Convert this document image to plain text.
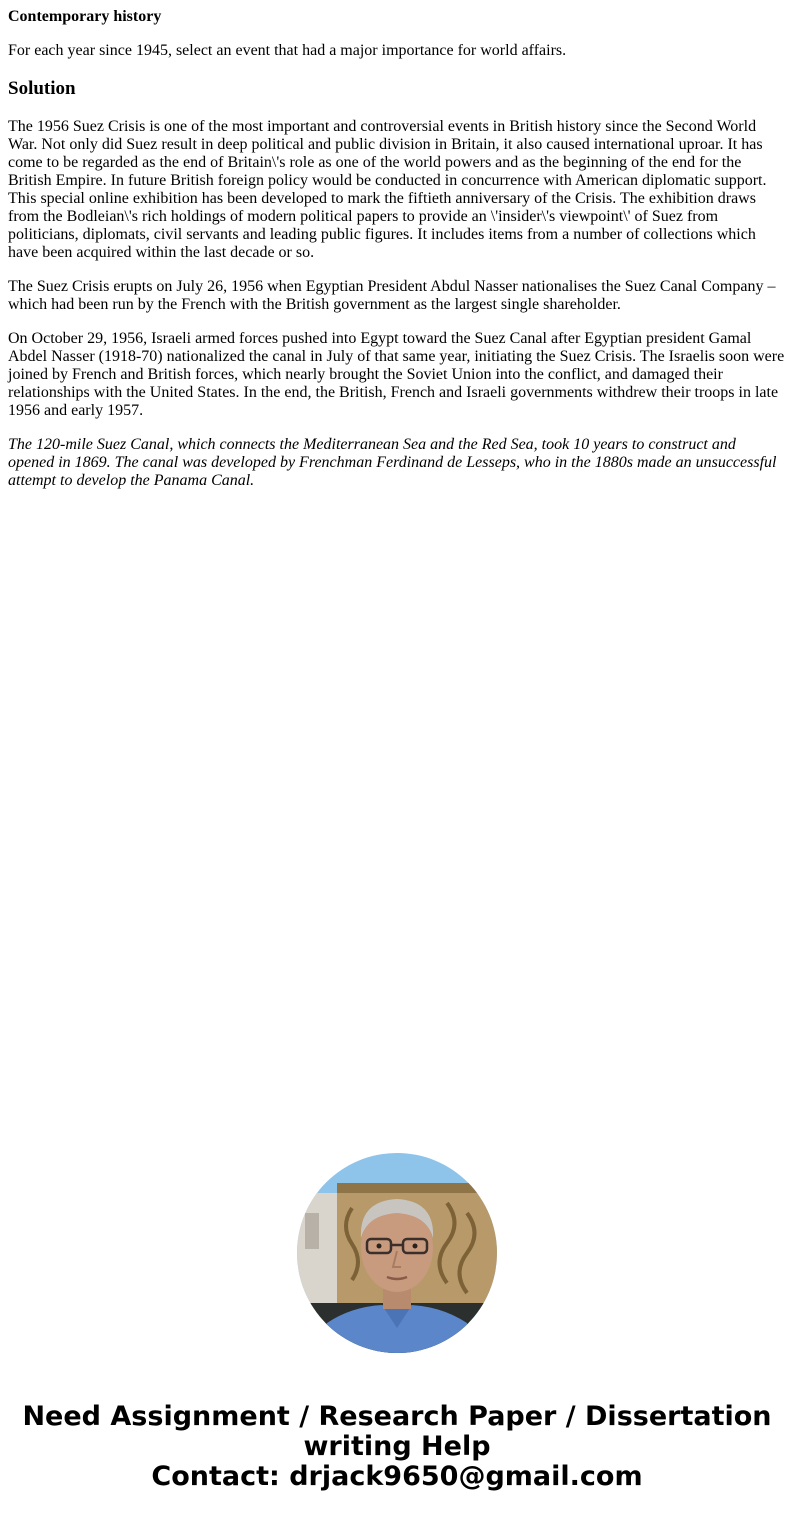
Contemporary history

For each year since 1945, select an event that had a major importance for world affairs.

Solution

The 1956 Suez Crisis is one of the most important and controversial events in British history since the Second World War. Not only did Suez result in deep political and public division in Britain, it also caused international uproar. It has come to be regarded as the end of Britain\'s role as one of the world powers and as the beginning of the end for the British Empire. In future British foreign policy would be conducted in concurrence with American diplomatic support. This special online exhibition has been developed to mark the fiftieth anniversary of the Crisis. The exhibition draws from the Bodleian\'s rich holdings of modern political papers to provide an \'insider\'s viewpoint\' of Suez from politicians, diplomats, civil servants and leading public figures. It includes items from a number of collections which have been acquired within the last decade or so.

The Suez Crisis erupts on July 26, 1956 when Egyptian President Abdul Nasser nationalises the Suez Canal Company – which had been run by the French with the British government as the largest single shareholder.

On October 29, 1956, Israeli armed forces pushed into Egypt toward the Suez Canal after Egyptian president Gamal Abdel Nasser (1918-70) nationalized the canal in July of that same year, initiating the Suez Crisis. The Israelis soon were joined by French and British forces, which nearly brought the Soviet Union into the conflict, and damaged their relationships with the United States. In the end, the British, French and Israeli governments withdrew their troops in late 1956 and early 1957.

The 120-mile Suez Canal, which connects the Mediterranean Sea and the Red Sea, took 10 years to construct and opened in 1869. The canal was developed by Frenchman Ferdinand de Lesseps, who in the 1880s made an unsuccessful attempt to develop the Panama Canal.

Need Assignment / Research Paper / Dissertation
writing Help
Contact: drjack9650@gmail.com
